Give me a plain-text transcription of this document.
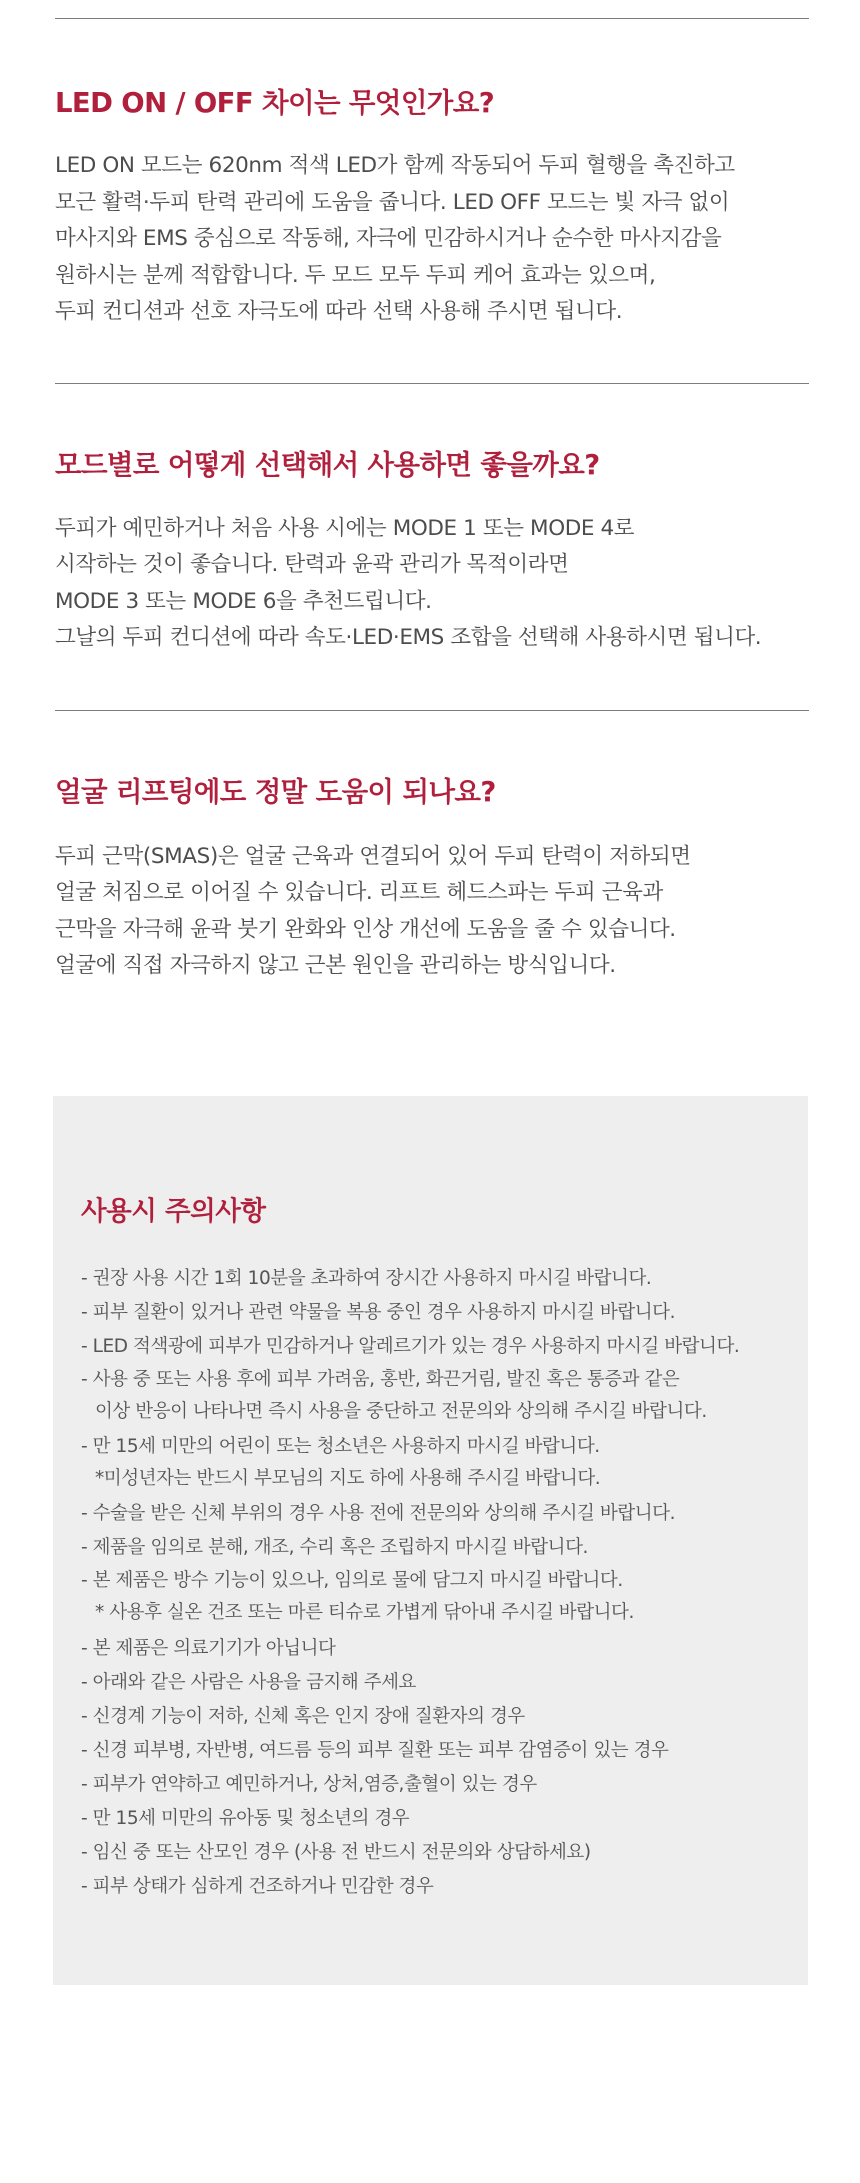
LED ON / OFF 차이는 무엇인가요?

LED ON 모드는 620nm 적색 LED가 함께 작동되어 두피 혈행을 촉진하고
모근 활력·두피 탄력 관리에 도움을 줍니다. LED OFF 모드는 빛 자극 없이
마사지와 EMS 중심으로 작동해, 자극에 민감하시거나 순수한 마사지감을
원하시는 분께 적합합니다. 두 모드 모두 두피 케어 효과는 있으며,
두피 컨디션과 선호 자극도에 따라 선택 사용해 주시면 됩니다.

모드별로 어떻게 선택해서 사용하면 좋을까요?

두피가 예민하거나 처음 사용 시에는 MODE 1 또는 MODE 4로
시작하는 것이 좋습니다. 탄력과 윤곽 관리가 목적이라면
MODE 3 또는 MODE 6을 추천드립니다.
그날의 두피 컨디션에 따라 속도·LED·EMS 조합을 선택해 사용하시면 됩니다.

얼굴 리프팅에도 정말 도움이 되나요?

두피 근막(SMAS)은 얼굴 근육과 연결되어 있어 두피 탄력이 저하되면
얼굴 처짐으로 이어질 수 있습니다. 리프트 헤드스파는 두피 근육과
근막을 자극해 윤곽 붓기 완화와 인상 개선에 도움을 줄 수 있습니다.
얼굴에 직접 자극하지 않고 근본 원인을 관리하는 방식입니다.

사용시 주의사항
- 권장 사용 시간 1회 10분을 초과하여 장시간 사용하지 마시길 바랍니다.
- 피부 질환이 있거나 관련 약물을 복용 중인 경우 사용하지 마시길 바랍니다.
- LED 적색광에 피부가 민감하거나 알레르기가 있는 경우 사용하지 마시길 바랍니다.
- 사용 중 또는 사용 후에 피부 가려움, 홍반, 화끈거림, 발진 혹은 통증과 같은
이상 반응이 나타나면 즉시 사용을 중단하고 전문의와 상의해 주시길 바랍니다.
- 만 15세 미만의 어린이 또는 청소년은 사용하지 마시길 바랍니다.
*미성년자는 반드시 부모님의 지도 하에 사용해 주시길 바랍니다.
- 수술을 받은 신체 부위의 경우 사용 전에 전문의와 상의해 주시길 바랍니다.
- 제품을 임의로 분해, 개조, 수리 혹은 조립하지 마시길 바랍니다.
- 본 제품은 방수 기능이 있으나, 임의로 물에 담그지 마시길 바랍니다.
* 사용후 실온 건조 또는 마른 티슈로 가볍게 닦아내 주시길 바랍니다.
- 본 제품은 의료기기가 아닙니다
- 아래와 같은 사람은 사용을 금지해 주세요
- 신경계 기능이 저하, 신체 혹은 인지 장애 질환자의 경우
- 신경 피부병, 자반병, 여드름 등의 피부 질환 또는 피부 감염증이 있는 경우
- 피부가 연약하고 예민하거나, 상처,염증,출혈이 있는 경우
- 만 15세 미만의 유아동 및 청소년의 경우
- 임신 중 또는 산모인 경우 (사용 전 반드시 전문의와 상담하세요)
- 피부 상태가 심하게 건조하거나 민감한 경우
